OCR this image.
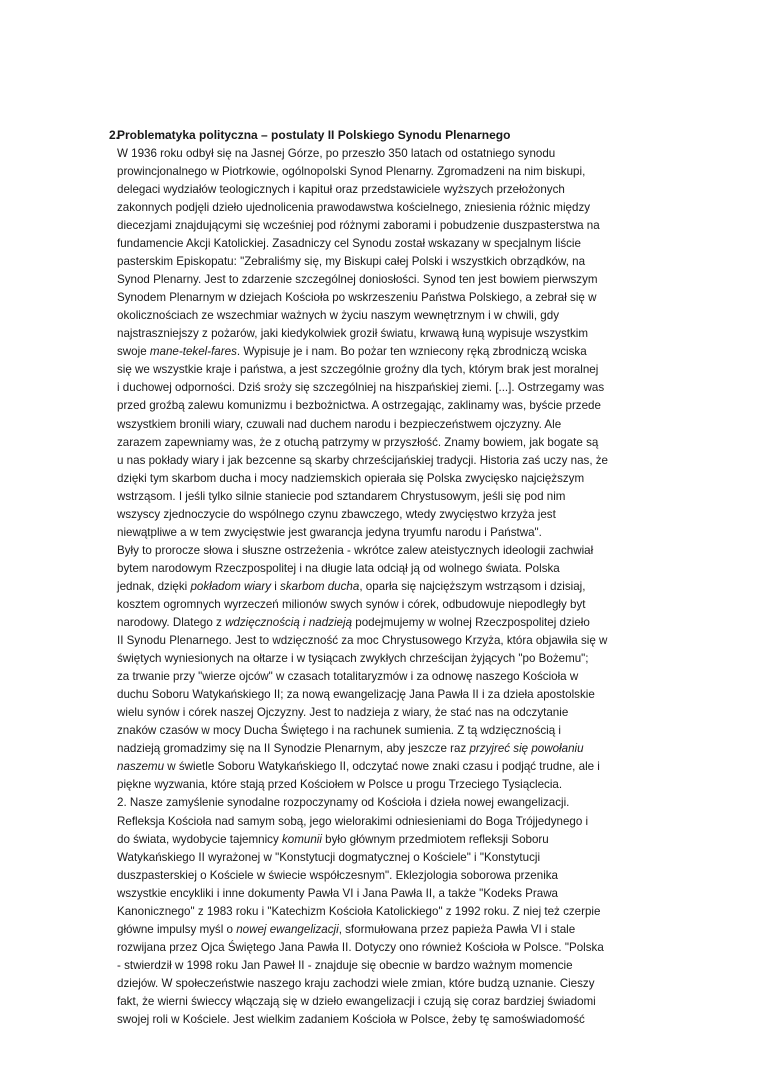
2.
Problematyka polityczna – postulaty II Polskiego Synodu Plenarnego
W 1936 roku odbył się na Jasnej Górze, po przeszło 350 latach od ostatniego synodu
prowincjonalnego w Piotrkowie, ogólnopolski Synod Plenarny. Zgromadzeni na nim biskupi,
delegaci wydziałów teologicznych i kapituł oraz przedstawiciele wyższych przełożonych
zakonnych podjęli dzieło ujednolicenia prawodawstwa kościelnego, zniesienia różnic między
diecezjami znajdującymi się wcześniej pod różnymi zaborami i pobudzenie duszpasterstwa na
fundamencie Akcji Katolickiej. Zasadniczy cel Synodu został wskazany w specjalnym liście
pasterskim Episkopatu: "Zebraliśmy się, my Biskupi całej Polski i wszystkich obrządków, na
Synod Plenarny. Jest to zdarzenie szczególnej doniosłości. Synod ten jest bowiem pierwszym
Synodem Plenarnym w dziejach Kościoła po wskrzeszeniu Państwa Polskiego, a zebrał się w
okolicznościach ze wszechmiar ważnych w życiu naszym wewnętrznym i w chwili, gdy
najstraszniejszy z pożarów, jaki kiedykolwiek groził światu, krwawą łuną wypisuje wszystkim
swoje mane-tekel-fares. Wypisuje je i nam. Bo pożar ten wzniecony ręką zbrodniczą wciska
się we wszystkie kraje i państwa, a jest szczególnie groźny dla tych, którym brak jest moralnej
i duchowej odporności. Dziś sroży się szczególniej na hiszpańskiej ziemi. [...]. Ostrzegamy was
przed groźbą zalewu komunizmu i bezbożnictwa. A ostrzegając, zaklinamy was, byście przede
wszystkiem bronili wiary, czuwali nad duchem narodu i bezpieczeństwem ojczyzny. Ale
zarazem zapewniamy was, że z otuchą patrzymy w przyszłość. Znamy bowiem, jak bogate są
u nas pokłady wiary i jak bezcenne są skarby chrześcijańskiej tradycji. Historia zaś uczy nas, że
dzięki tym skarbom ducha i mocy nadziemskich opierała się Polska zwycięsko najcięższym
wstrząsom. I jeśli tylko silnie staniecie pod sztandarem Chrystusowym, jeśli się pod nim
wszyscy zjednoczycie do wspólnego czynu zbawczego, wtedy zwycięstwo krzyża jest
niewątpliwe a w tem zwycięstwie jest gwarancja jedyna tryumfu narodu i Państwa".
Były to prorocze słowa i słuszne ostrzeżenia - wkrótce zalew ateistycznych ideologii zachwiał
bytem narodowym Rzeczpospolitej i na długie lata odciął ją od wolnego świata. Polska
jednak, dzięki pokładom wiary i skarbom ducha, oparła się najcięższym wstrząsom i dzisiaj,
kosztem ogromnych wyrzeczeń milionów swych synów i córek, odbudowuje niepodległy byt
narodowy. Dlatego z wdzięcznością i nadzieją podejmujemy w wolnej Rzeczpospolitej dzieło
II Synodu Plenarnego. Jest to wdzięczność za moc Chrystusowego Krzyża, która objawiła się w
świętych wyniesionych na ołtarze i w tysiącach zwykłych chrześcijan żyjących "po Bożemu";
za trwanie przy "wierze ojców" w czasach totalitaryzmów i za odnowę naszego Kościoła w
duchu Soboru Watykańskiego II; za nową ewangelizację Jana Pawła II i za dzieła apostolskie
wielu synów i córek naszej Ojczyzny. Jest to nadzieja z wiary, że stać nas na odczytanie
znaków czasów w mocy Ducha Świętego i na rachunek sumienia. Z tą wdzięcznością i
nadzieją gromadzimy się na II Synodzie Plenarnym, aby jeszcze raz przyjreć się powołaniu
naszemu w świetle Soboru Watykańskiego II, odczytać nowe znaki czasu i podjąć trudne, ale i
piękne wyzwania, które stają przed Kościołem w Polsce u progu Trzeciego Tysiąclecia.
2. Nasze zamyślenie synodalne rozpoczynamy od Kościoła i dzieła nowej ewangelizacji.
Refleksja Kościoła nad samym sobą, jego wielorakimi odniesieniami do Boga Trójjedynego i
do świata, wydobycie tajemnicy komunii było głównym przedmiotem refleksji Soboru
Watykańskiego II wyrażonej w "Konstytucji dogmatycznej o Kościele" i "Konstytucji
duszpasterskiej o Kościele w świecie współczesnym". Eklezjologia soborowa przenika
wszystkie encykliki i inne dokumenty Pawła VI i Jana Pawła II, a także "Kodeks Prawa
Kanonicznego" z 1983 roku i "Katechizm Kościoła Katolickiego" z 1992 roku. Z niej też czerpie
główne impulsy myśl o nowej ewangelizacji, sformułowana przez papieża Pawła VI i stale
rozwijana przez Ojca Świętego Jana Pawła II. Dotyczy ono również Kościoła w Polsce. "Polska
- stwierdził w 1998 roku Jan Paweł II - znajduje się obecnie w bardzo ważnym momencie
dziejów. W społeczeństwie naszego kraju zachodzi wiele zmian, które budzą uznanie. Cieszy
fakt, że wierni świeccy włączają się w dzieło ewangelizacji i czują się coraz bardziej świadomi
swojej roli w Kościele. Jest wielkim zadaniem Kościoła w Polsce, żeby tę samoświadomość
